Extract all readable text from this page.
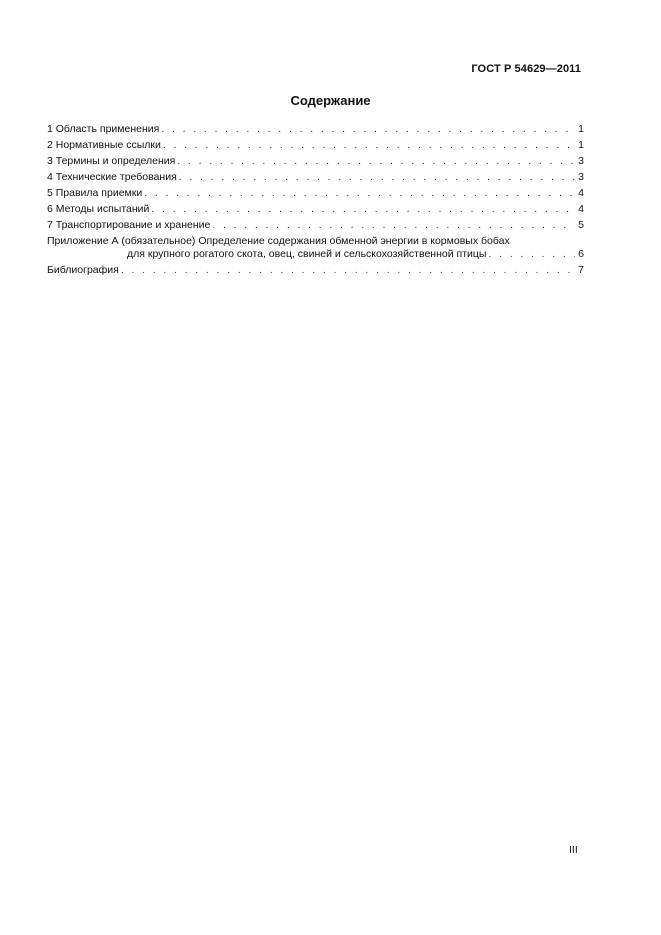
ГОСТ Р 54629—2011
Содержание
1 Область применения . . .	1
2 Нормативные ссылки . . .	1
3 Термины и определения . . .	3
4 Технические требования . . .	3
5 Правила приемки . . .	4
6 Методы испытаний . . .	4
7 Транспортирование и хранение . . .	5
Приложение А (обязательное) Определение содержания обменной энергии в кормовых бобах
для крупного рогатого скота, овец, свиней и сельскохозяйственной птицы . . .	6
Библиография . . .	7
III
